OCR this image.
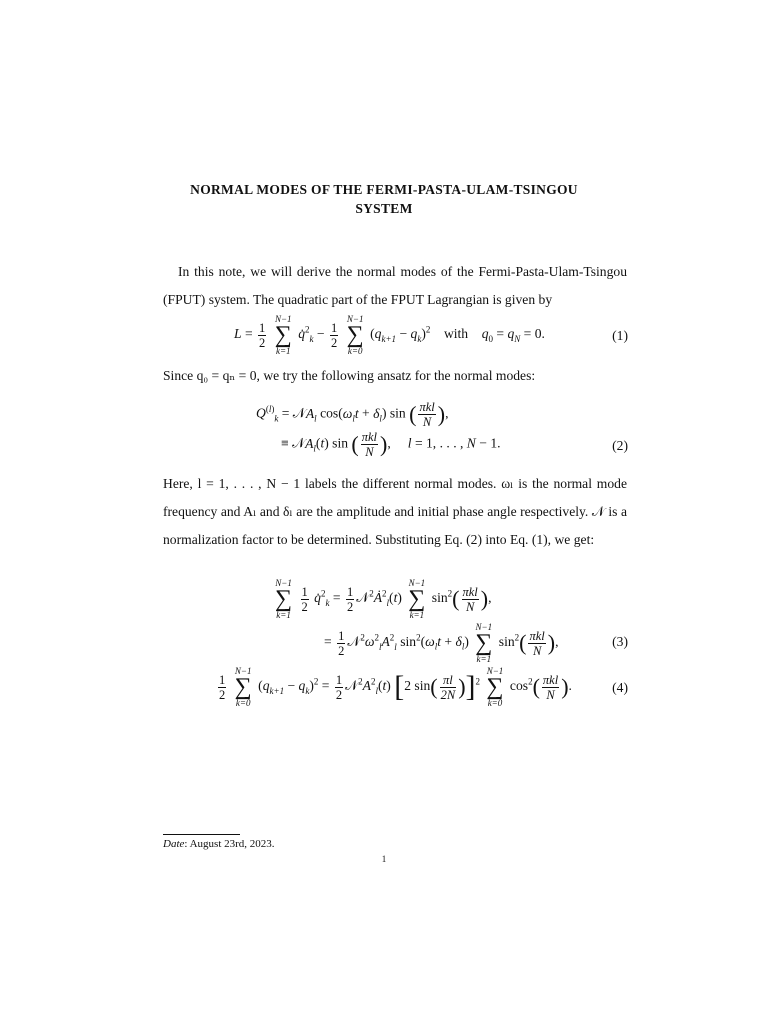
NORMAL MODES OF THE FERMI-PASTA-ULAM-TSINGOU
SYSTEM
In this note, we will derive the normal modes of the Fermi-Pasta-Ulam-Tsingou (FPUT) system. The quadratic part of the FPUT Lagrangian is given by
$L = \frac{1}{2}$

N−1
∑
k=1
q̇$^2_k$ − $\frac{1}{2}$

N−1
∑
k=0
$(q_{k+1} - q_k)^2$    with    $q_0 = q_N = 0$.	(1)
Since q₀ = qₙ = 0, we try the following ansatz for the normal modes:
$Q^{(l)}_k$ = 𝒩A$_l$ $\cos(\omega_lt + \delta_l)$ sin ( $\frac{\text{πkl}}{N}$ ),
≡ 𝒩A$_l$(t) sin ( $\frac{\text{πkl}}{N}$ ),     l = 1, . . . , N − 1.	(2)
Here, l = 1, . . . , N − 1 labels the different normal modes. ωₗ is the normal mode frequency and Aₗ and δₗ are the amplitude and initial phase angle respectively. 𝒩 is a normalization factor to be determined. Substituting Eq. (2) into Eq. (1), we get:
N−1
∑
k=1

$\frac{1}{2}$ q̇$^2_k$ = $\frac{1}{2}$ $𝒩^2Ȧ^2_l(t)$
N−1
∑
k=1
$\sin^2( \frac{\text{πkl}}{N}$ ),
= $\frac{1}{2}$ $𝒩^2\omega^2_lA^2_l$ $\sin^2(\omega_lt + \delta_l)$
N−1
∑
k=1
$\sin^2( \frac{\text{πkl}}{N}$ ),	(3)
$\frac{1}{2}$

N−1
∑
k=0
$(q_{k+1} - q_k)^2 = \frac{1}{2}$ $𝒩^2A^2_l(t)$ [2 $\sin( \frac{\pi l}{2N} )]^2$
N−1
∑
k=0
$\cos^2( \frac{\text{πkl}}{N}$ ).	(4)
Date: August 23rd, 2023.
1
